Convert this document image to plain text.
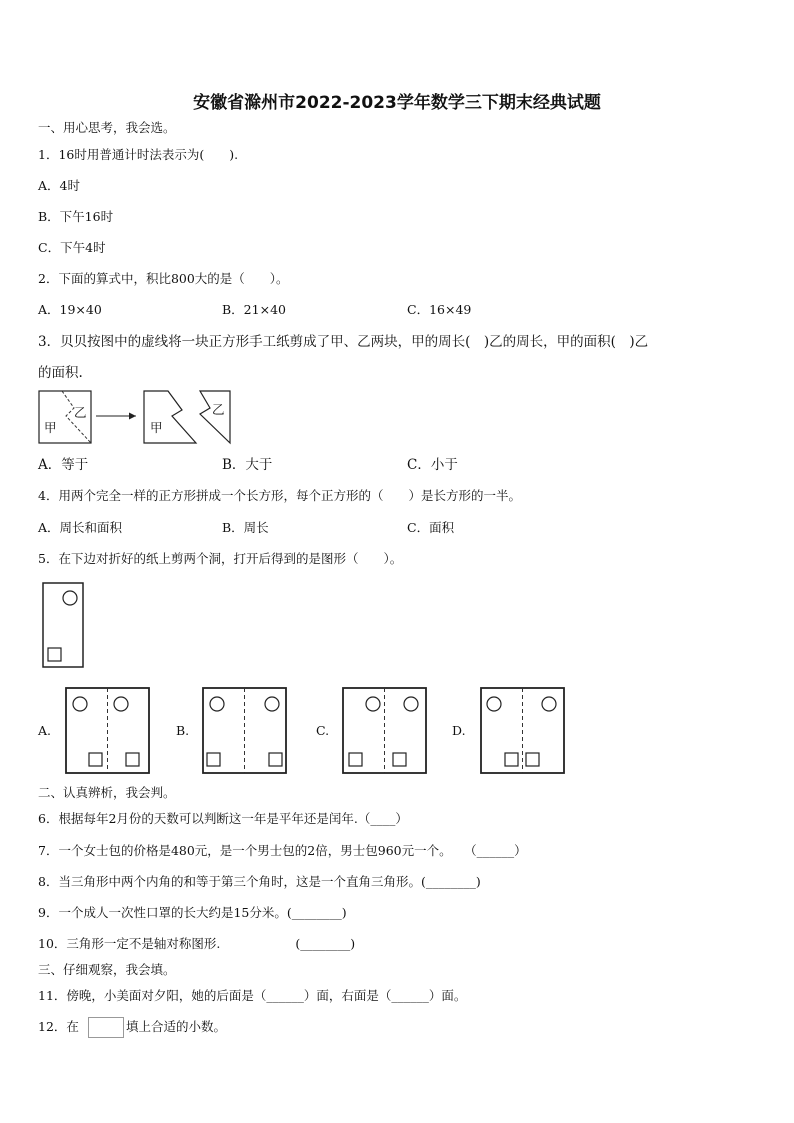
安徽省滁州市2022-2023学年数学三下期末经典试题
一、用心思考，我会选。
1．16时用普通计时法表示为(　　).
A．4时
B．下午16时
C．下午4时
2．下面的算式中，积比800大的是（　　）。
A．19×40	B．21×40	C．16×49
3．贝贝按图中的虚线将一块正方形手工纸剪成了甲、乙两块，甲的周长(　)乙的周长，甲的面积(　)乙
的面积.
甲
乙
甲
乙
A．等于	B．大于	C．小于
4．用两个完全一样的正方形拼成一个长方形，每个正方形的（　　）是长方形的一半。
A．周长和面积	B．周长	C．面积
5．在下边对折好的纸上剪两个洞，打开后得到的是图形（　　）。
A.	B.	C.	D.
二、认真辨析，我会判。
6．根据每年2月份的天数可以判断这一年是平年还是闰年.（____）
7．一个女士包的价格是480元，是一个男士包的2倍，男士包960元一个。　　（______）
8．当三角形中两个内角的和等于第三个角时，这是一个直角三角形。(________)
9．一个成人一次性口罩的长大约是15分米。(________)
10．三角形一定不是轴对称图形.　　　　　　(________)
三、仔细观察，我会填。
11．傍晚，小美面对夕阳，她的后面是（______）面，右面是（______）面。
12．在	填上合适的小数。
